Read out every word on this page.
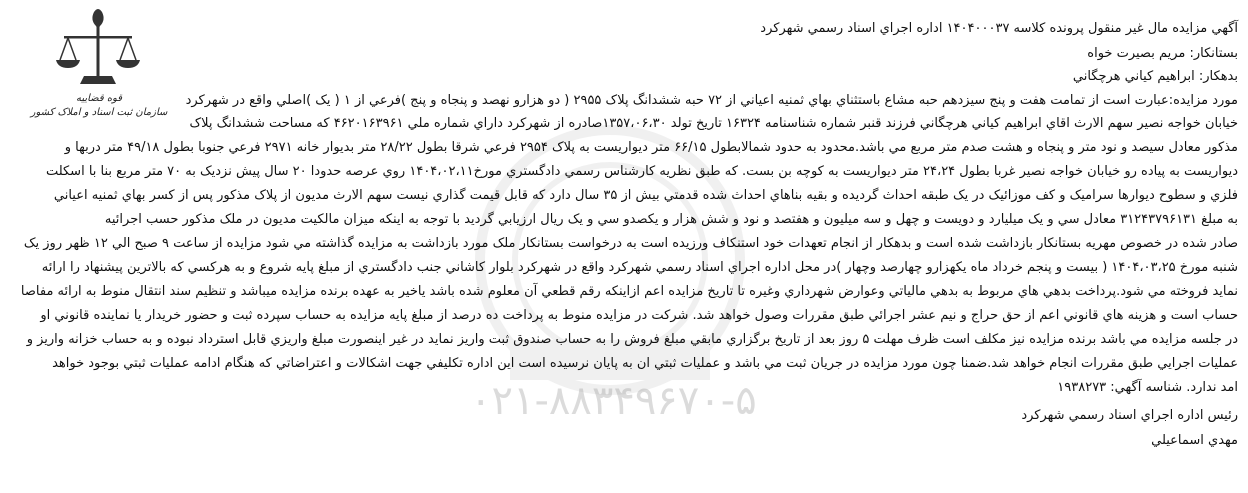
۰۲۱-۸۸۳۴۹۶۷۰-۵
قوه قضاییه
سازمان ثبت اسناد و املاک کشور
آگهي مزايده مال غير منقول پرونده کلاسه ۱۴۰۴۰۰۰۳۷ اداره اجراي اسناد رسمي شهرکرد
بستانکار: مريم بصيرت خواه
بدهکار: ابراهيم کياني هرچگاني
مورد مزايده:عبارت است از تمامت هفت و پنج سيزدهم حبه مشاع باستثناي بهاي ثمنيه اعياني از ۷۲ حبه ششدانگ پلاک ۲۹۵۵ ( دو هزارو نهصد و پنجاه و پنج )فرعي از ۱ ( يک )اصلي واقع در شهرکرد
خيابان خواجه نصير سهم الارث اقاي ابراهيم کياني هرچگاني فرزند قنبر شماره شناسنامه ۱۶۳۲۴ تاريخ تولد ۱۳۵۷،۰۶،۳۰صادره از شهرکرد داراي شماره ملي ۴۶۲۰۱۶۳۹۶۱ که مساحت ششدانگ پلاک
مذکور معادل سيصد و نود متر و پنجاه و هشت صدم متر مربع مي باشد.محدود به حدود شمالابطول ۶۶/۱۵ متر ديواريست به پلاک ۲۹۵۴ فرعي شرقا بطول ۲۸/۲۲ متر بديوار خانه ۲۹۷۱ فرعي جنوبا بطول ۴۹/۱۸ متر دربها و
ديواريست به پياده رو خيابان خواجه نصير غربا بطول ۲۴،۲۴ متر ديواريست به کوچه بن بست. که طبق نظريه کارشناس رسمي دادگستري مورخ۱۴۰۴،۰۲،۱۱ روي عرصه حدودا ۲۰ سال پيش نزديک به ۷۰ متر مربع بنا با اسکلت
فلزي و سطوح ديوارها سراميک و کف موزائيک در يک طبقه احداث گرديده و بقيه بناهاي احداث شده قدمتي بيش از ۳۵ سال دارد که قابل قيمت گذاري نيست سهم الارث مديون از پلاک مذکور پس از کسر بهاي ثمنيه اعياني
به مبلغ ۳۱۲۴۳۷۹۶۱۳۱ معادل سي و يک ميليارد و دويست و چهل و سه ميليون و هفتصد و نود و شش هزار و يکصدو سي و يک ريال ارزيابي گرديد با توجه به اينکه ميزان مالکيت مديون در ملک مذکور حسب اجرائيه
صادر شده در خصوص مهريه بستانکار بازداشت شده است و بدهکار از انجام تعهدات خود استنکاف ورزيده است به درخواست بستانکار ملک مورد بازداشت به مزايده گذاشته مي شود مزايده از ساعت ۹ صبح الي ۱۲ ظهر روز يک
شنبه مورخ ۱۴۰۴،۰۳،۲۵ ( بيست و پنجم خرداد ماه يکهزارو چهارصد وچهار )در محل اداره اجراي اسناد رسمي شهرکرد واقع در شهرکرد بلوار کاشاني جنب دادگستري از مبلغ پايه شروع و به هرکسي که بالاترين پيشنهاد را ارائه
نمايد فروخته مي شود.پرداخت بدهي هاي مربوط به بدهي مالياتي وعوارض شهرداري وغيره تا تاريخ مزايده اعم ازاينکه رقم قطعي آن معلوم شده باشد ياخير به عهده برنده مزايده ميباشد و تنظيم سند انتقال منوط به ارائه مفاصا
حساب است و هزينه هاي قانوني اعم از حق حراج و نيم عشر اجرائي طبق مقررات وصول خواهد شد. شرکت در مزايده منوط به پرداخت ده درصد از مبلغ پايه مزايده به حساب سپرده ثبت و حضور خريدار يا نماينده قانوني او
در جلسه مزايده مي باشد برنده مزايده نيز مکلف است ظرف مهلت ۵ روز بعد از تاريخ برگزاري مابقي مبلغ فروش را به حساب صندوق ثبت واريز نمايد در غير اينصورت مبلغ واريزي قابل استرداد نبوده و به حساب خزانه واريز و
عمليات اجرايي طبق مقررات انجام خواهد شد.ضمنا چون مورد مزايده در جريان ثبت مي باشد و عمليات ثبتي ان به پايان نرسيده است اين اداره تکليفي جهت اشکالات و اعتراضاتي که هنگام ادامه عمليات ثبتي بوجود خواهد
امد ندارد. شناسه آگهي: ۱۹۳۸۲۷۳
رئيس اداره اجراي اسناد رسمي شهرکرد
مهدي اسماعيلي
